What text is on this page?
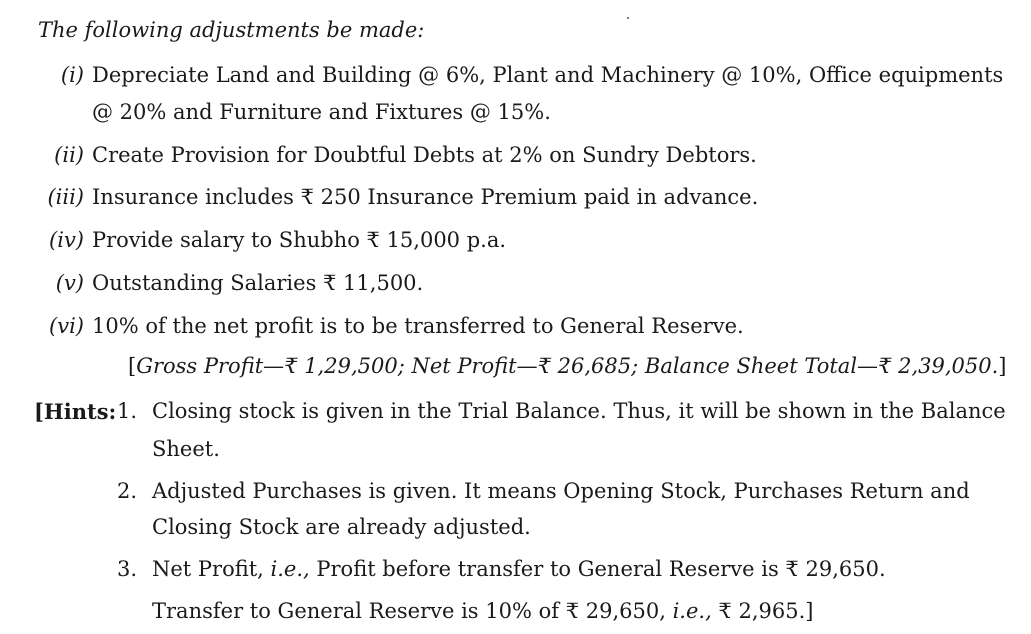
The following adjustments be made:
(i) Depreciate Land and Building @ 6%, Plant and Machinery @ 10%, Office equipments
@ 20% and Furniture and Fixtures @ 15%.
(ii) Create Provision for Doubtful Debts at 2% on Sundry Debtors.
(iii) Insurance includes ₹ 250 Insurance Premium paid in advance.
(iv) Provide salary to Shubho ₹ 15,000 p.a.
(v) Outstanding Salaries ₹ 11,500.
(vi) 10% of the net profit is to be transferred to General Reserve.
[Gross Profit—₹ 1,29,500; Net Profit—₹ 26,685; Balance Sheet Total—₹ 2,39,050.]
[Hints: 1. Closing stock is given in the Trial Balance. Thus, it will be shown in the Balance
Sheet.
2. Adjusted Purchases is given. It means Opening Stock, Purchases Return and
Closing Stock are already adjusted.
3. Net Profit, i.e., Profit before transfer to General Reserve is ₹ 29,650.
Transfer to General Reserve is 10% of ₹ 29,650, i.e., ₹ 2,965.]
